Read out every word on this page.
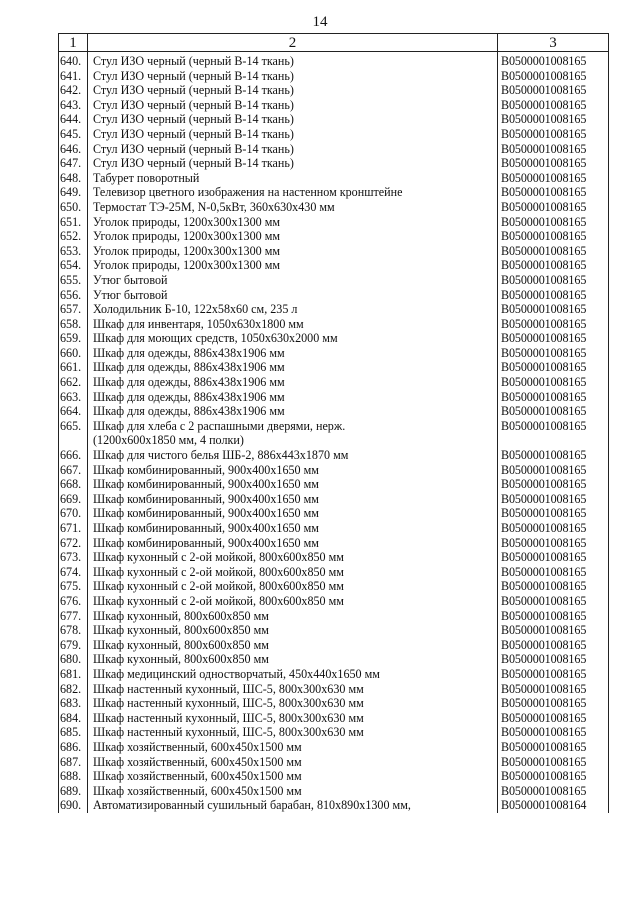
14
1	2	3
640.	Стул ИЗО черный (черный В-14 ткань)	B0500001008165
641.	Стул ИЗО черный (черный В-14 ткань)	B0500001008165
642.	Стул ИЗО черный (черный В-14 ткань)	B0500001008165
643.	Стул ИЗО черный (черный В-14 ткань)	B0500001008165
644.	Стул ИЗО черный (черный В-14 ткань)	B0500001008165
645.	Стул ИЗО черный (черный В-14 ткань)	B0500001008165
646.	Стул ИЗО черный (черный В-14 ткань)	B0500001008165
647.	Стул ИЗО черный (черный В-14 ткань)	B0500001008165
648.	Табурет поворотный	B0500001008165
649.	Телевизор цветного изображения на настенном кронштейне	B0500001008165
650.	Термостат ТЭ-25М, N-0,5кВт, 360х630х430 мм	B0500001008165
651.	Уголок природы, 1200х300х1300 мм	B0500001008165
652.	Уголок природы, 1200х300х1300 мм	B0500001008165
653.	Уголок природы, 1200х300х1300 мм	B0500001008165
654.	Уголок природы, 1200х300х1300 мм	B0500001008165
655.	Утюг бытовой	B0500001008165
656.	Утюг бытовой	B0500001008165
657.	Холодильник Б-10, 122х58х60 см, 235 л	B0500001008165
658.	Шкаф для инвентаря, 1050х630х1800 мм	B0500001008165
659.	Шкаф для моющих средств, 1050х630х2000 мм	B0500001008165
660.	Шкаф для одежды, 886х438х1906 мм	B0500001008165
661.	Шкаф для одежды, 886х438х1906 мм	B0500001008165
662.	Шкаф для одежды, 886х438х1906 мм	B0500001008165
663.	Шкаф для одежды, 886х438х1906 мм	B0500001008165
664.	Шкаф для одежды, 886х438х1906 мм	B0500001008165
665.	Шкаф для хлеба с 2 распашными дверями, нерж.
(1200х600х1850 мм, 4 полки)	B0500001008165
666.	Шкаф для чистого белья ШБ-2, 886х443х1870 мм	B0500001008165
667.	Шкаф комбинированный, 900х400х1650 мм	B0500001008165
668.	Шкаф комбинированный, 900х400х1650 мм	B0500001008165
669.	Шкаф комбинированный, 900х400х1650 мм	B0500001008165
670.	Шкаф комбинированный, 900х400х1650 мм	B0500001008165
671.	Шкаф комбинированный, 900х400х1650 мм	B0500001008165
672.	Шкаф комбинированный, 900х400х1650 мм	B0500001008165
673.	Шкаф кухонный с 2-ой мойкой, 800х600х850 мм	B0500001008165
674.	Шкаф кухонный с 2-ой мойкой, 800х600х850 мм	B0500001008165
675.	Шкаф кухонный с 2-ой мойкой, 800х600х850 мм	B0500001008165
676.	Шкаф кухонный с 2-ой мойкой, 800х600х850 мм	B0500001008165
677.	Шкаф кухонный, 800х600х850 мм	B0500001008165
678.	Шкаф кухонный, 800х600х850 мм	B0500001008165
679.	Шкаф кухонный, 800х600х850 мм	B0500001008165
680.	Шкаф кухонный, 800х600х850 мм	B0500001008165
681.	Шкаф медицинский одностворчатый, 450х440х1650 мм	B0500001008165
682.	Шкаф настенный кухонный, ШС-5, 800х300х630 мм	B0500001008165
683.	Шкаф настенный кухонный, ШС-5, 800х300х630 мм	B0500001008165
684.	Шкаф настенный кухонный, ШС-5, 800х300х630 мм	B0500001008165
685.	Шкаф настенный кухонный, ШС-5, 800х300х630 мм	B0500001008165
686.	Шкаф хозяйственный, 600х450х1500 мм	B0500001008165
687.	Шкаф хозяйственный, 600х450х1500 мм	B0500001008165
688.	Шкаф хозяйственный, 600х450х1500 мм	B0500001008165
689.	Шкаф хозяйственный, 600х450х1500 мм	B0500001008165
690.	Автоматизированный сушильный барабан, 810х890х1300 мм,	B0500001008164
